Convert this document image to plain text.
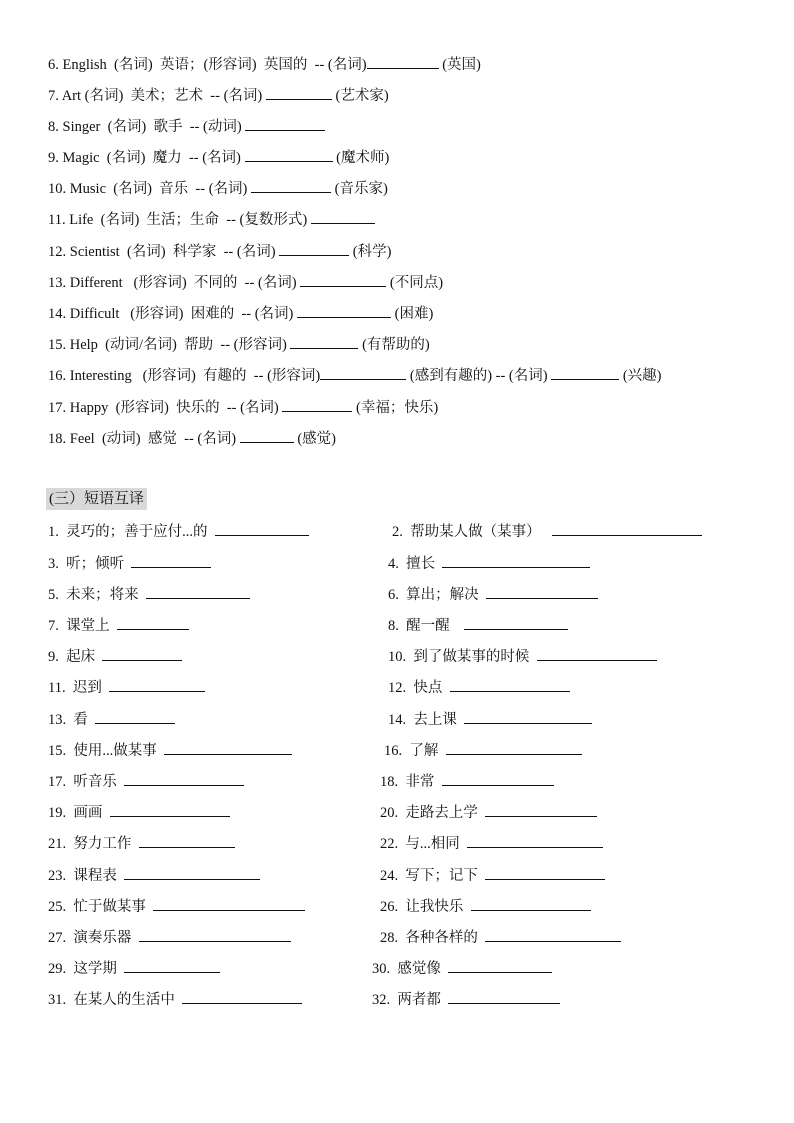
6. English  (名词)  英语；(形容词)  英国的  -- (名词)	(英国)
7. Art (名词)  美术；艺术  -- (名词)	(艺术家)
8. Singer  (名词)  歌手  -- (动词)
9. Magic  (名词)  魔力  -- (名词)	(魔术师)
10. Music  (名词)  音乐  -- (名词)	(音乐家)
11. Life  (名词)  生活；生命  -- (复数形式)
12. Scientist  (名词)  科学家  -- (名词)	(科学)
13. Different   (形容词)  不同的  -- (名词)	(不同点)
14. Difficult   (形容词)  困难的  -- (名词)	(困难)
15. Help  (动词/名词)  帮助  -- (形容词)	(有帮助的)
16. Interesting   (形容词)  有趣的  -- (形容词)	(感到有趣的) -- (名词)	(兴趣)
17. Happy  (形容词)  快乐的  -- (名词)	(幸福；快乐)
18. Feel  (动词)  感觉  -- (名词)	(感觉)
(三）短语互译
1. 灵巧的；善于应付...的	2. 帮助某人做（某事）
3. 听；倾听	4. 擅长
5. 未来；将来	6. 算出；解决
7. 课堂上	8. 醒一醒
9. 起床	10. 到了做某事的时候
11. 迟到	12. 快点
13. 看	14. 去上课
15. 使用...做某事	16. 了解
17. 听音乐	18. 非常
19. 画画	20. 走路去上学
21. 努力工作	22. 与...相同
23. 课程表	24. 写下；记下
25. 忙于做某事	26. 让我快乐
27. 演奏乐器	28. 各种各样的
29. 这学期	30. 感觉像
31. 在某人的生活中	32. 两者都
